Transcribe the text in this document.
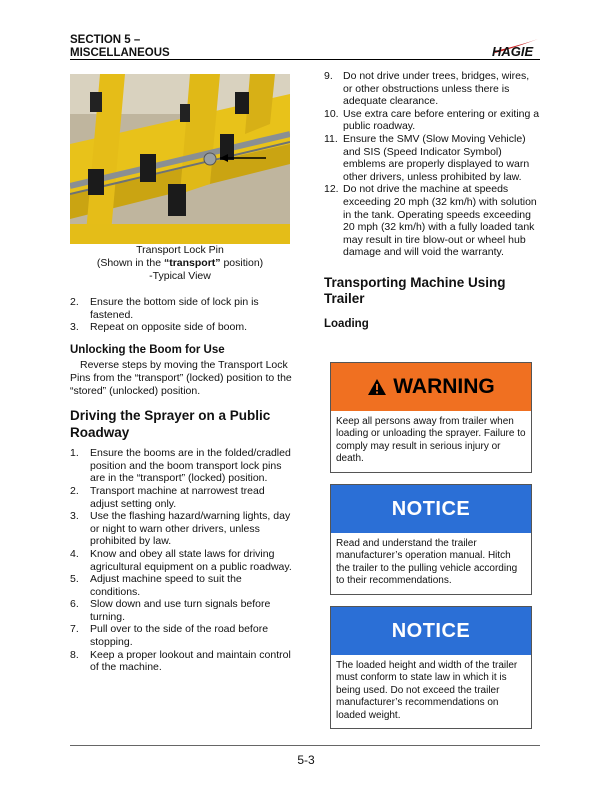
SECTION 5 –
MISCELLANEOUS	HAGIE
Transport Lock Pin
(Shown in the “transport” position)
-Typical View
2.	Ensure the bottom side of lock pin is fastened.
3.	Repeat on opposite side of boom.
Unlocking the Boom for Use
Reverse steps by moving the Transport Lock Pins from the “transport” (locked) position to the “stored” (unlocked) position.
Driving the Sprayer on a Public Roadway
1.	Ensure the booms are in the folded/cradled position and the boom transport lock pins are in the “transport” (locked) position.
2.	Transport machine at narrowest tread adjust setting only.
3.	Use the flashing hazard/warning lights, day or night to warn other drivers, unless prohibited by law.
4.	Know and obey all state laws for driving agricultural equipment on a public roadway.
5.	Adjust machine speed to suit the conditions.
6.	Slow down and use turn signals before turning.
7.	Pull over to the side of the road before stopping.
8.	Keep a proper lookout and maintain control of the machine.
9. Do not drive under trees, bridges, wires, or other obstructions unless there is adequate clearance.
10. Use extra care before entering or exiting a public roadway.
11. Ensure the SMV (Slow Moving Vehicle) and SIS (Speed Indicator Symbol) emblems are properly displayed to warn other drivers, unless prohibited by law.
12. Do not drive the machine at speeds exceeding 20 mph (32 km/h) with solution in the tank. Operating speeds exceeding 20 mph (32 km/h) with a fully loaded tank may result in tire blow-out or wheel hub damage and will void the warranty.
Transporting Machine Using Trailer
Loading
WARNING
Keep all persons away from trailer when loading or unloading the sprayer. Failure to comply may result in serious injury or death.
NOTICE
Read and understand the trailer manufacturer’s operation manual. Hitch the trailer to the pulling vehicle according to their recommendations.
NOTICE
The loaded height and width of the trailer must conform to state law in which it is being used. Do not exceed the trailer manufacturer’s recommendations on loaded weight.
5-3
